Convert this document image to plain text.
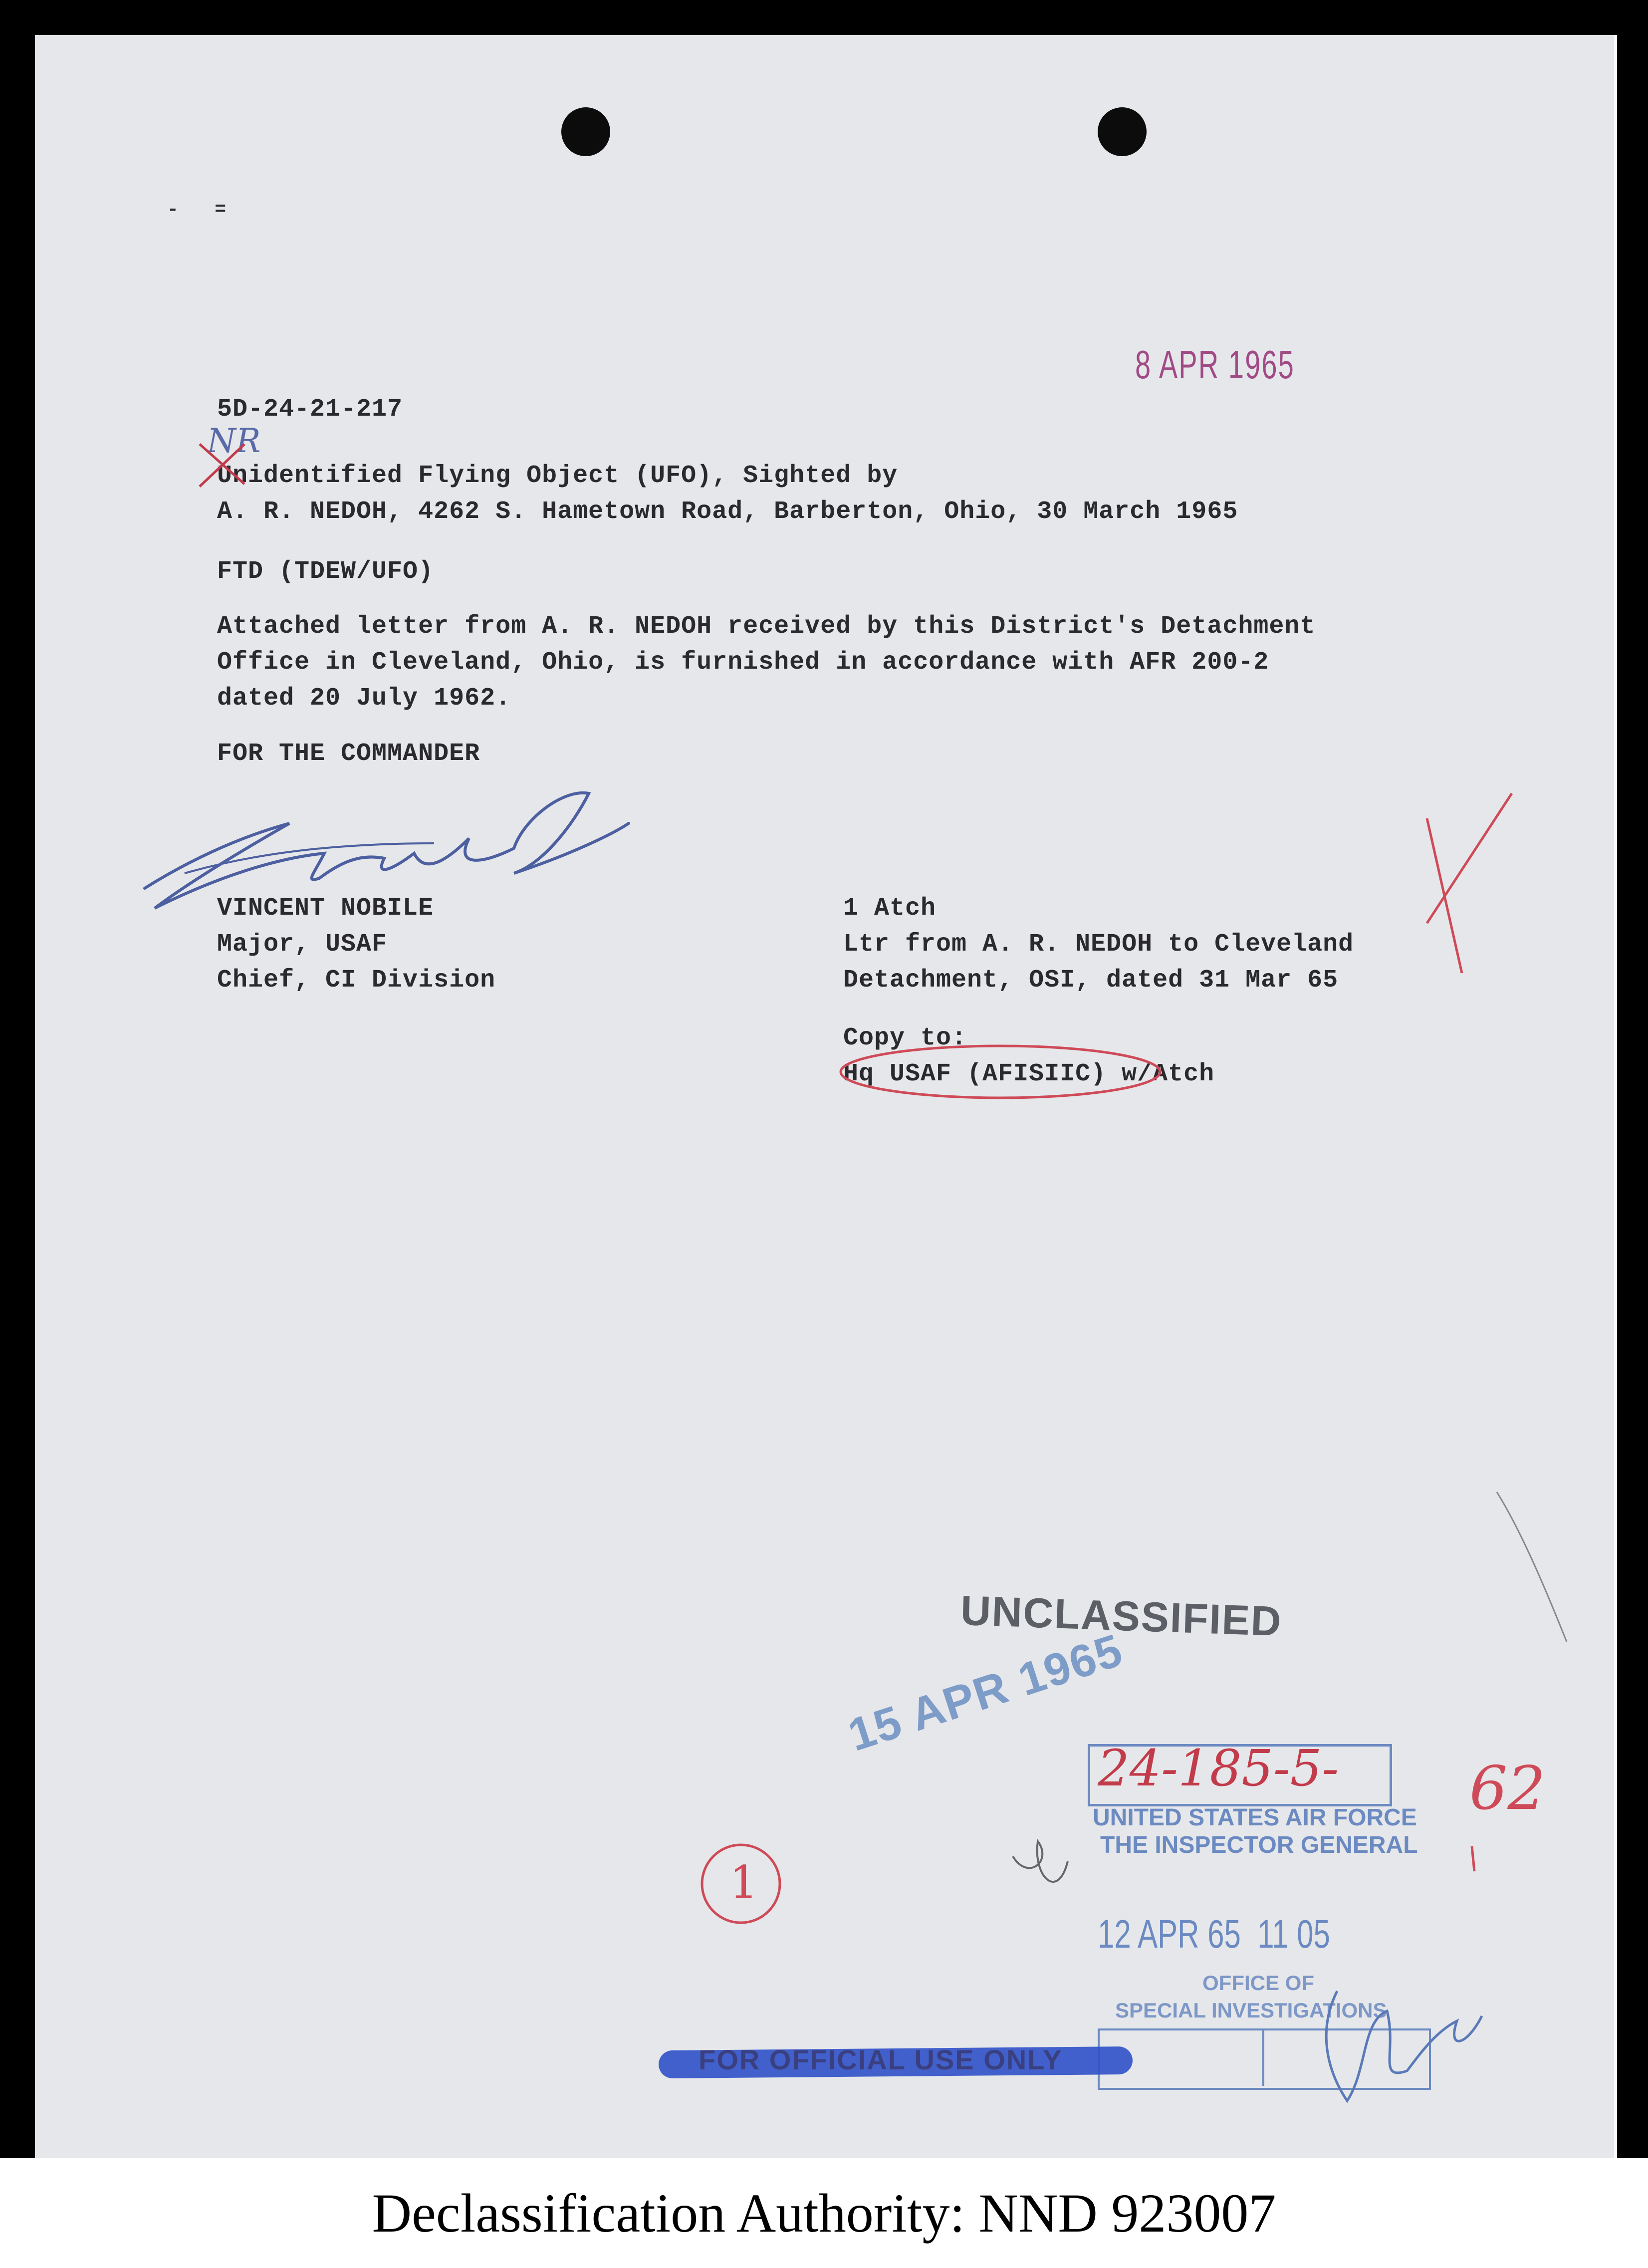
-   =
8 APR 1965
5D-24-21-217
NR
Unidentified Flying Object (UFO), Sighted by
A. R. NEDOH, 4262 S. Hametown Road, Barberton, Ohio, 30 March 1965
FTD (TDEW/UFO)
Attached letter from A. R. NEDOH received by this District's Detachment
Office in Cleveland, Ohio, is furnished in accordance with AFR 200-2
dated 20 July 1962.
FOR THE COMMANDER
VINCENT NOBILE
Major, USAF
Chief, CI Division
1 Atch
Ltr from A. R. NEDOH to Cleveland
Detachment, OSI, dated 31 Mar 65
Copy to:
Hq USAF (AFISIIC) w/Atch
1
62
UNCLASSIFIED
15 APR 1965
24-185-5-
UNITED STATES AIR FORCE
THE INSPECTOR GENERAL
12 APR 65  11 05
OFFICE OF
SPECIAL INVESTIGATIONS
FOR OFFICIAL USE ONLY
Declassification Authority: NND 923007
